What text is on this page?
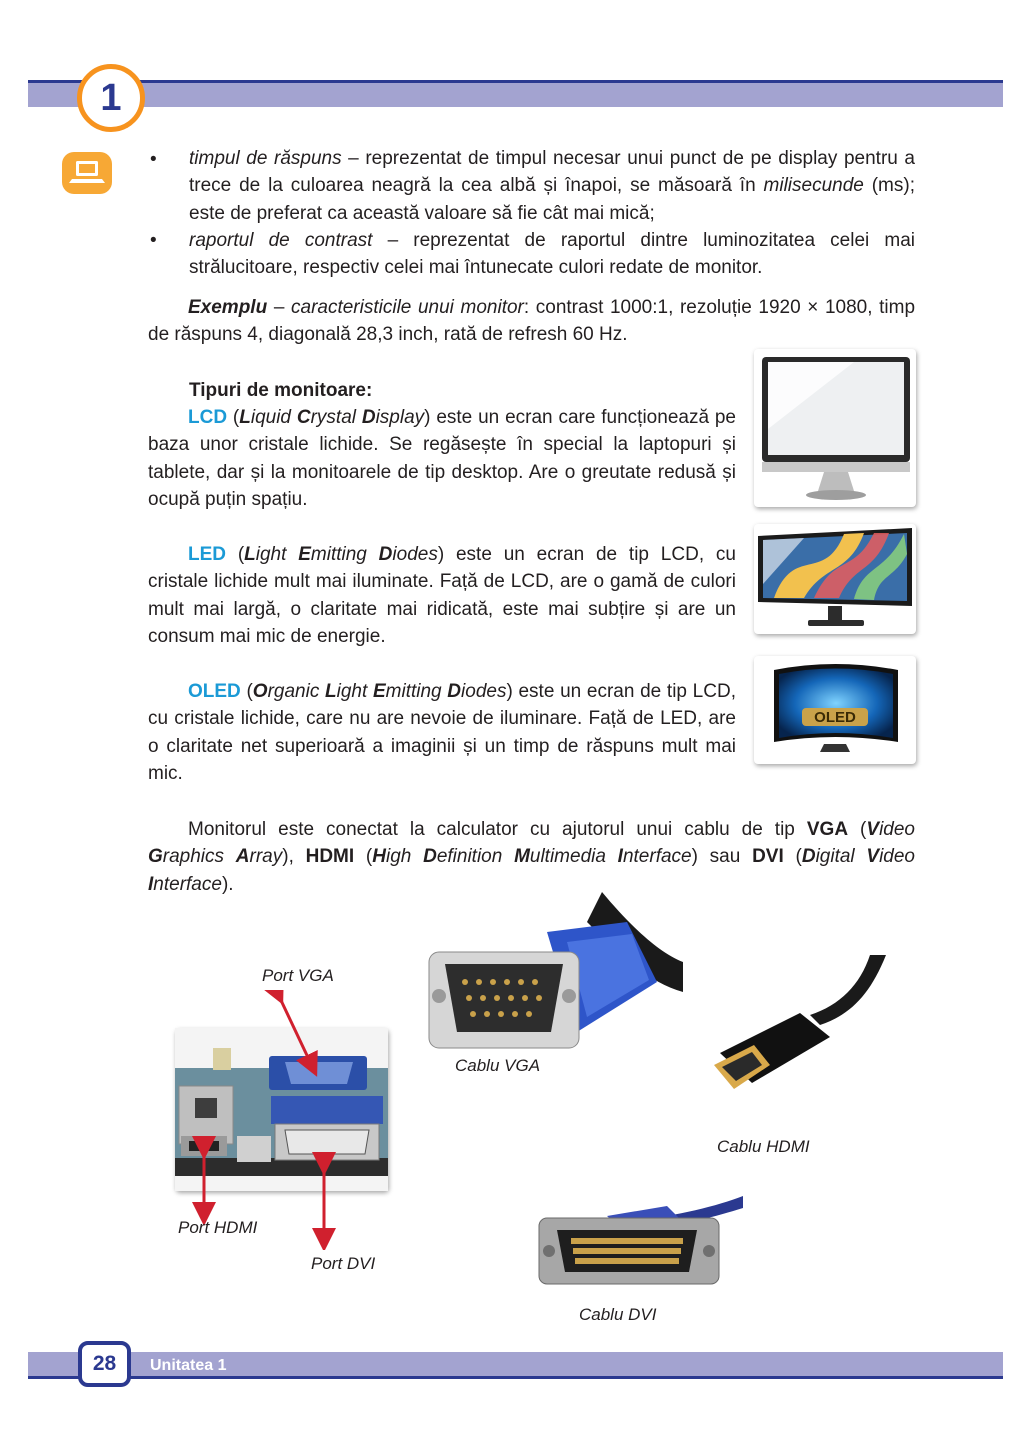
1
• timpul de răspuns – reprezentat de timpul necesar unui punct de pe display pentru a trece de la culoarea neagră la cea albă și înapoi, se măsoară în milisecunde (ms); este de preferat ca această valoare să fie cât mai mică;
• raportul de contrast – reprezentat de raportul dintre luminozitatea celei mai strălucitoare, respectiv celei mai întunecate culori redate de monitor.
Exemplu – caracteristicile unui monitor: contrast 1000:1, rezoluție 1920 × 1080, timp de răspuns 4, diagonală 28,3 inch, rată de refresh 60 Hz.
Tipuri de monitoare:
LCD (Liquid Crystal Display) este un ecran care funcționează pe baza unor cristale lichide. Se regăsește în special la laptopuri și tablete, dar și la monitoarele de tip desktop. Are o greutate redusă și ocupă puțin spațiu.
LED (Light Emitting Diodes) este un ecran de tip LCD, cu cristale lichide mult mai iluminate. Față de LCD, are o gamă de culori mult mai largă, o claritate mai ridicată, este mai subțire și are un consum mai mic de energie.
OLED (Organic Light Emitting Diodes) este un ecran de tip LCD, cu cristale lichide, care nu are nevoie de iluminare. Față de LED, are o claritate net superioară a imaginii și un timp de răspuns mult mai mic.
OLED
Monitorul este conectat la calculator cu ajutorul unui cablu de tip VGA (Video Graphics Array), HDMI (High Definition Multimedia Interface) sau DVI (Digital Video Interface).
Port VGA
Port HDMI
Port DVI
Cablu VGA
Cablu HDMI
Cablu DVI
28 Unitatea 1
